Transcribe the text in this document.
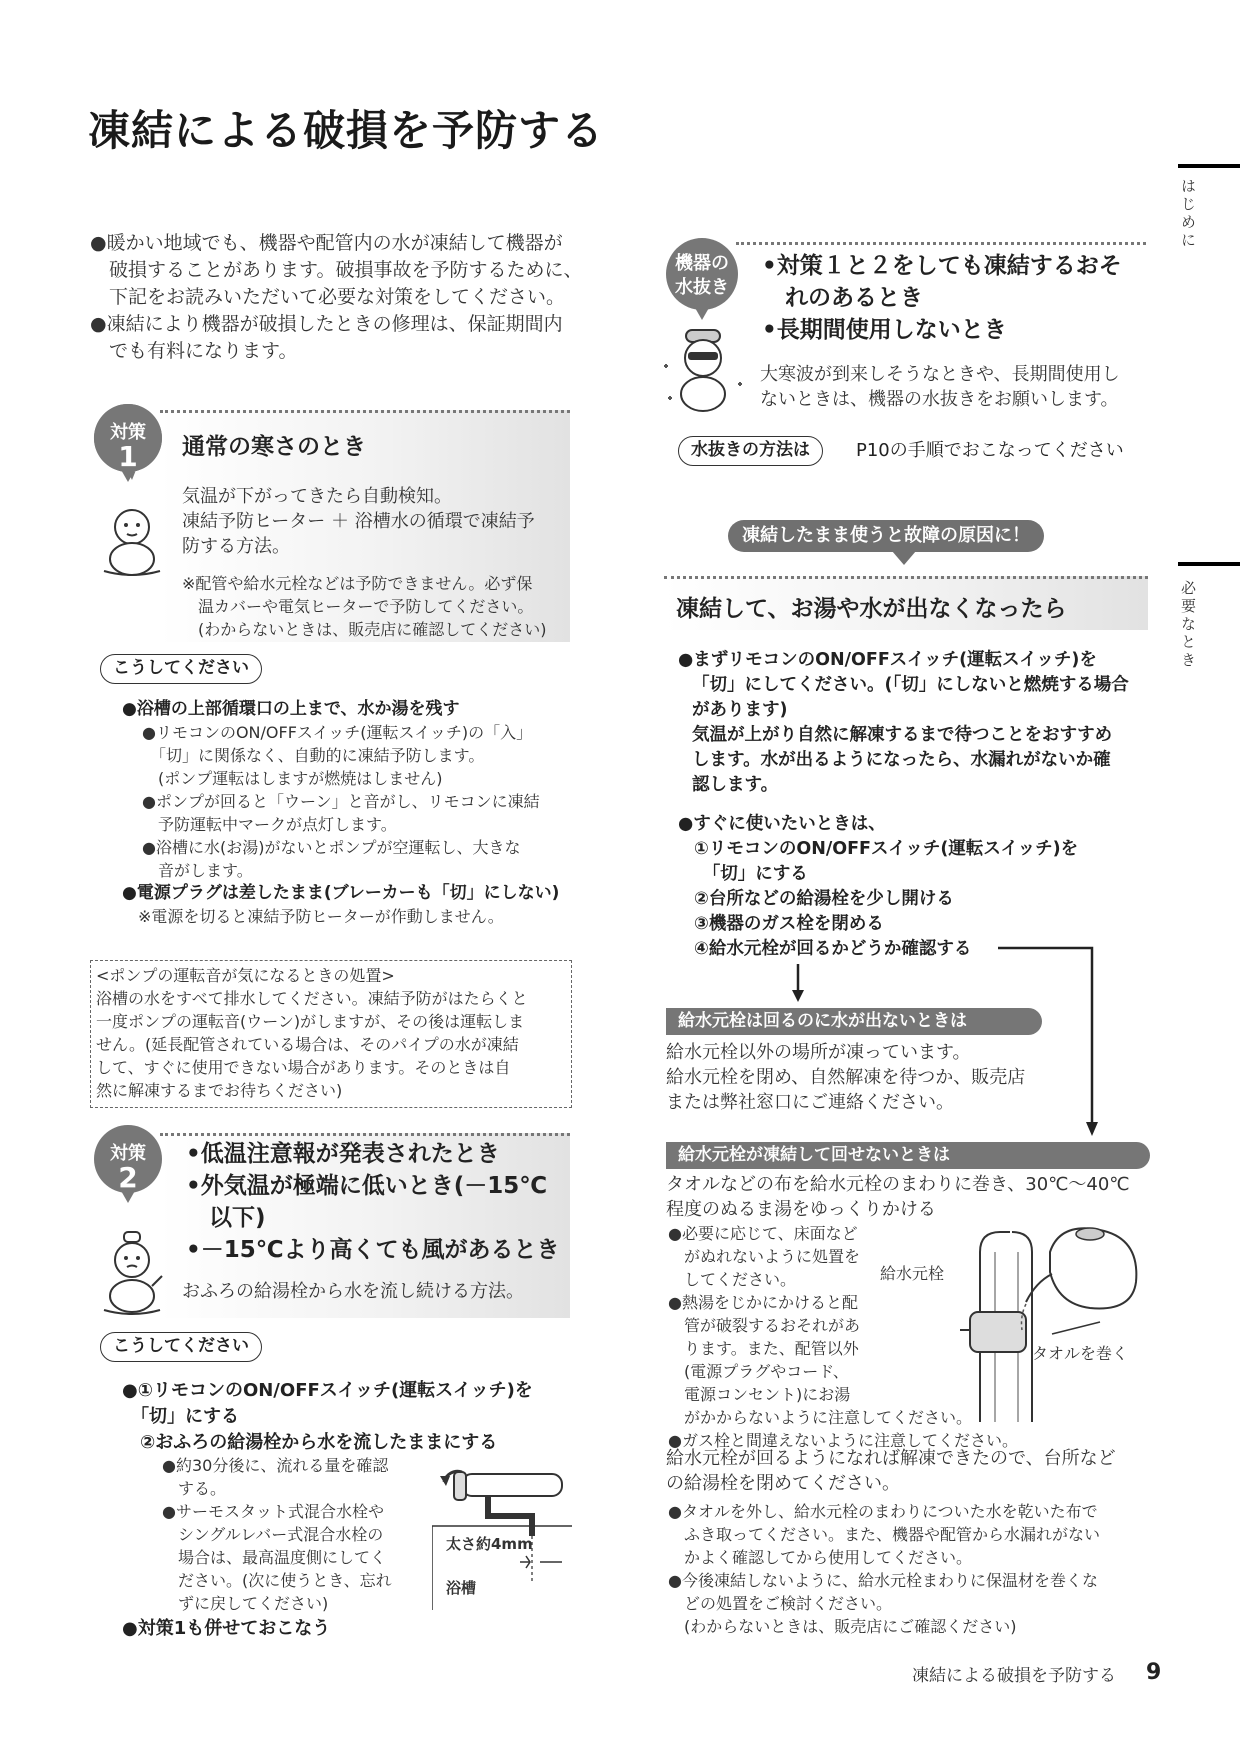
凍結による破損を予防する
はじめに
必要なとき
●暖かい地域でも、機器や配管内の水が凍結して機器が
　破損することがあります。破損事故を予防するために、
　下記をお読みいただいて必要な対策をしてください。
●凍結により機器が破損したときの修理は、保証期間内
　でも有料になります。
対策
1	通常の寒さのとき
気温が下がってきたら自動検知。
凍結予防ヒーター ＋ 浴槽水の循環で凍結予
防する方法。
※配管や給水元栓などは予防できません。必ず保
　温カバーや電気ヒーターで予防してください。
　(わからないときは、販売店に確認してください)
こうしてください
●浴槽の上部循環口の上まで、水か湯を残す
●リモコンのON/OFFスイッチ(運転スイッチ)の「入」
　「切」に関係なく、自動的に凍結予防します。
　(ポンプ運転はしますが燃焼はしません)
●ポンプが回ると「ウーン」と音がし、リモコンに凍結
　予防運転中マークが点灯します。
●浴槽に水(お湯)がないとポンプが空運転し、大きな
　音がします。
●電源プラグは差したまま(ブレーカーも「切」にしない)
　※電源を切ると凍結予防ヒーターが作動しません。
<ポンプの運転音が気になるときの処置>
浴槽の水をすべて排水してください。凍結予防がはたらくと
一度ポンプの運転音(ウーン)がしますが、その後は運転しま
せん。(延長配管されている場合は、そのパイプの水が凍結
して、すぐに使用できない場合があります。そのときは自
然に解凍するまでお待ちください)
対策
2
•低温注意報が発表されたとき
•外気温が極端に低いとき(－15℃
　以下)
•－15℃より高くても風があるとき
おふろの給湯栓から水を流し続ける方法。
こうしてください
●①リモコンのON/OFFスイッチ(運転スイッチ)を
　「切」にする
　②おふろの給湯栓から水を流したままにする
●約30分後に、流れる量を確認
　する。
●サーモスタット式混合水栓や
　シングルレバー式混合水栓の
　場合は、最高温度側にしてく
　ださい。(次に使うとき、忘れ
　ずに戻してください)
●対策1も併せておこなう
太さ約4mm
浴槽
機器の
水抜き
•対策１と２をしても凍結するおそ
　れのあるとき
•長期間使用しないとき
大寒波が到来しそうなときや、長期間使用し
ないときは、機器の水抜きをお願いします。
水抜きの方法は	P10の手順でおこなってください
凍結したまま使うと故障の原因に！
凍結して、お湯や水が出なくなったら
●まずリモコンのON/OFFスイッチ(運転スイッチ)を
「切」にしてください。(「切」にしないと燃焼する場合
があります)
気温が上がり自然に解凍するまで待つことをおすすめ
します。水が出るようになったら、水漏れがないか確
認します。
●すぐに使いたいときは、
①リモコンのON/OFFスイッチ(運転スイッチ)を
　「切」にする
②台所などの給湯栓を少し開ける
③機器のガス栓を閉める
④給水元栓が回るかどうか確認する
給水元栓は回るのに水が出ないときは
給水元栓以外の場所が凍っています。
給水元栓を閉め、自然解凍を待つか、販売店
または弊社窓口にご連絡ください。
給水元栓が凍結して回せないときは
タオルなどの布を給水元栓のまわりに巻き、30℃～40℃
程度のぬるま湯をゆっくりかける
●必要に応じて、床面など
　がぬれないように処置を
　してください。
●熱湯をじかにかけると配
　管が破裂するおそれがあ
　ります。また、配管以外
　(電源プラグやコード、
　電源コンセント)にお湯
　がかからないように注意してください。
●ガス栓と間違えないように注意してください。
給水元栓
タオルを巻く
給水元栓が回るようになれば解凍できたので、台所など
の給湯栓を閉めてください。
●タオルを外し、給水元栓のまわりについた水を乾いた布で
　ふき取ってください。また、機器や配管から水漏れがない
　かよく確認してから使用してください。
●今後凍結しないように、給水元栓まわりに保温材を巻くな
　どの処置をご検討ください。
　(わからないときは、販売店にご確認ください)
凍結による破損を予防する 9
